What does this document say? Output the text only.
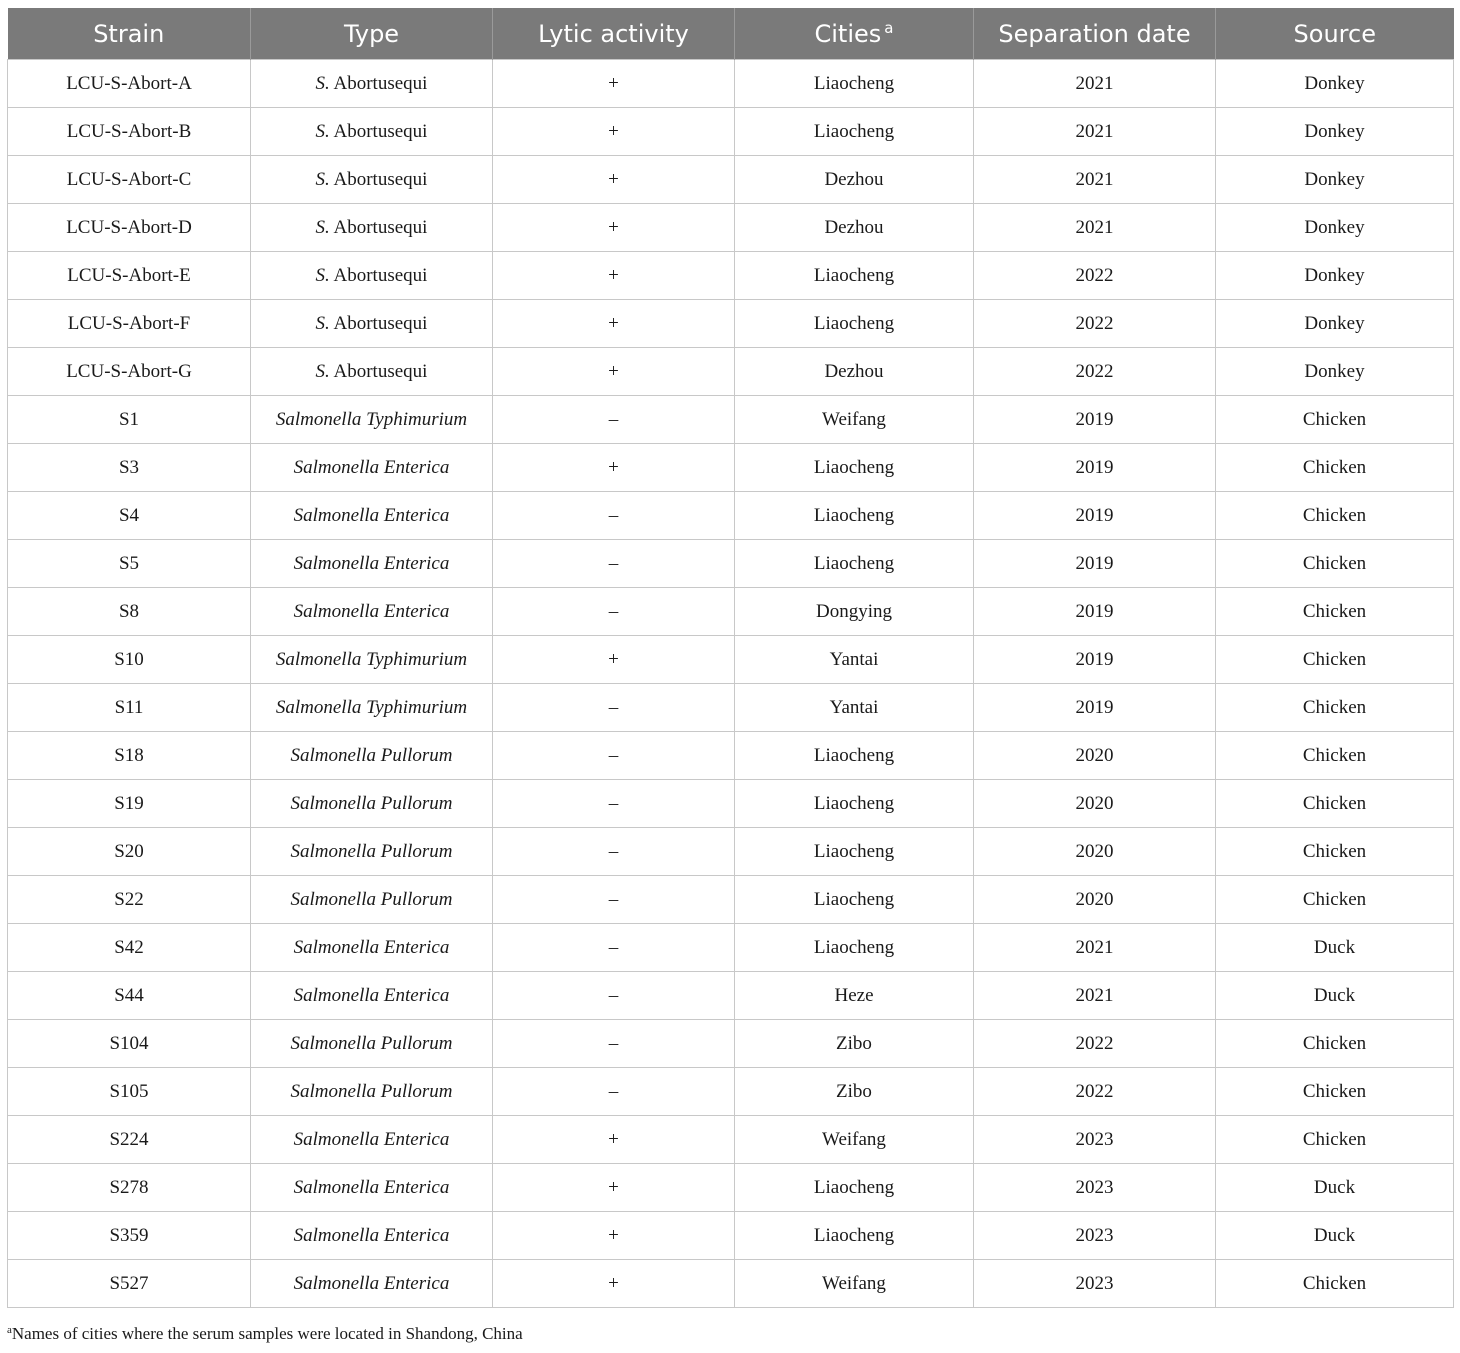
Strain	Type	Lytic activity	Cities $^a$	Separation date	Source
LCU-S-Abort-A	S. Abortusequi	+	Liaocheng	2021	Donkey
LCU-S-Abort-B	S. Abortusequi	+	Liaocheng	2021	Donkey
LCU-S-Abort-C	S. Abortusequi	+	Dezhou	2021	Donkey
LCU-S-Abort-D	S. Abortusequi	+	Dezhou	2021	Donkey
LCU-S-Abort-E	S. Abortusequi	+	Liaocheng	2022	Donkey
LCU-S-Abort-F	S. Abortusequi	+	Liaocheng	2022	Donkey
LCU-S-Abort-G	S. Abortusequi	+	Dezhou	2022	Donkey
S1	Salmonella Typhimurium	–	Weifang	2019	Chicken
S3	Salmonella Enterica	+	Liaocheng	2019	Chicken
S4	Salmonella Enterica	–	Liaocheng	2019	Chicken
S5	Salmonella Enterica	–	Liaocheng	2019	Chicken
S8	Salmonella Enterica	–	Dongying	2019	Chicken
S10	Salmonella Typhimurium	+	Yantai	2019	Chicken
S11	Salmonella Typhimurium	–	Yantai	2019	Chicken
S18	Salmonella Pullorum	–	Liaocheng	2020	Chicken
S19	Salmonella Pullorum	–	Liaocheng	2020	Chicken
S20	Salmonella Pullorum	–	Liaocheng	2020	Chicken
S22	Salmonella Pullorum	–	Liaocheng	2020	Chicken
S42	Salmonella Enterica	–	Liaocheng	2021	Duck
S44	Salmonella Enterica	–	Heze	2021	Duck
S104	Salmonella Pullorum	–	Zibo	2022	Chicken
S105	Salmonella Pullorum	–	Zibo	2022	Chicken
S224	Salmonella Enterica	+	Weifang	2023	Chicken
S278	Salmonella Enterica	+	Liaocheng	2023	Duck
S359	Salmonella Enterica	+	Liaocheng	2023	Duck
S527	Salmonella Enterica	+	Weifang	2023	Chicken
$^a$Names of cities where the serum samples were located in Shandong, China
